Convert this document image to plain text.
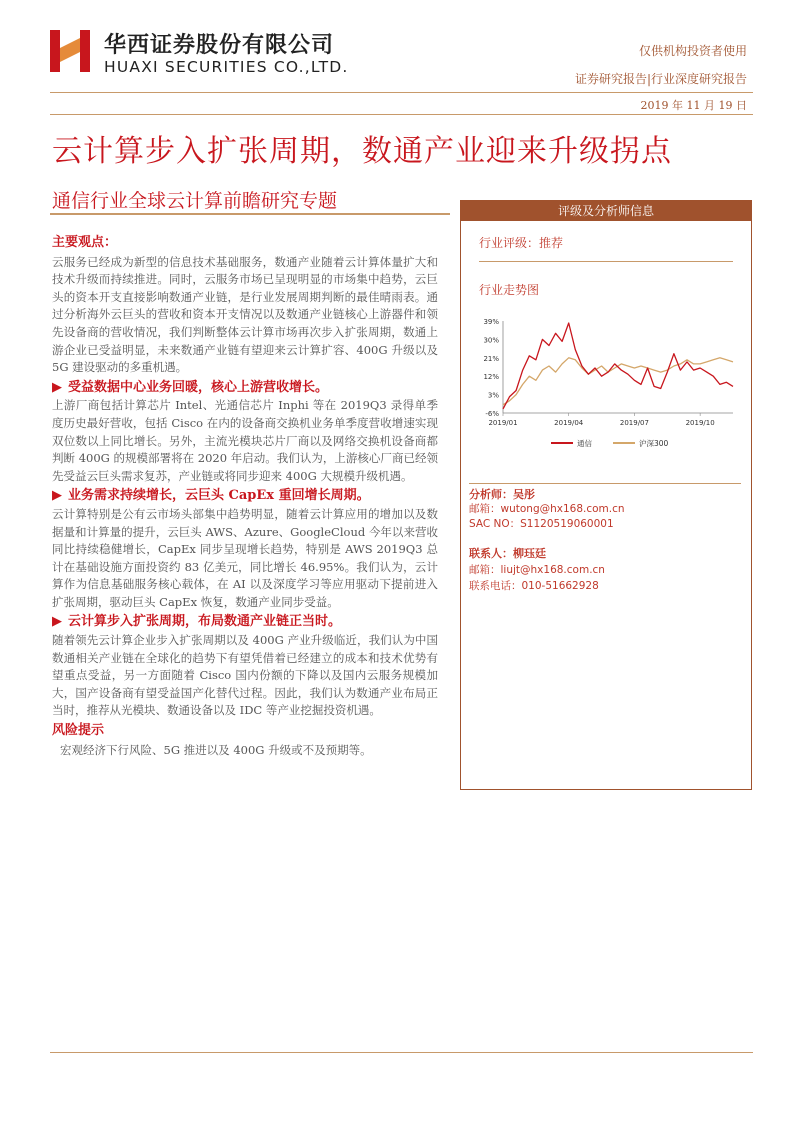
华西证券股份有限公司
HUAXI SECURITIES CO.,LTD.
仅供机构投资者使用
证券研究报告|行业深度研究报告
2019 年 11 月 19 日
云计算步入扩张周期，数通产业迎来升级拐点
通信行业全球云计算前瞻研究专题
主要观点：

云服务已经成为新型的信息技术基础服务，数通产业随着云计算体量扩大和技术升级而持续推进。同时，云服务市场已呈现明显的市场集中趋势，云巨头的资本开支直接影响数通产业链，是行业发展周期判断的最佳晴雨表。通过分析海外云巨头的营收和资本开支情况以及数通产业链核心上游器件和领先设备商的营收情况，我们判断整体云计算市场再次步入扩张周期，数通上游企业已受益明显，未来数通产业链有望迎来云计算扩容、400G 升级以及 5G 建设驱动的多重机遇。

▶ 受益数据中心业务回暖，核心上游营收增长。

上游厂商包括计算芯片 Intel、光通信芯片 Inphi 等在 2019Q3 录得单季度历史最好营收，包括 Cisco 在内的设备商交换机业务单季度营收增速实现双位数以上同比增长。另外，主流光模块芯片厂商以及网络交换机设备商都判断 400G 的规模部署将在 2020 年启动。我们认为，上游核心厂商已经领先受益云巨头需求复苏，产业链或将同步迎来 400G 大规模升级机遇。

▶ 业务需求持续增长，云巨头 CapEx 重回增长周期。

云计算特别是公有云市场头部集中趋势明显，随着云计算应用的增加以及数据量和计算量的提升，云巨头 AWS、Azure、GoogleCloud 今年以来营收同比持续稳健增长，CapEx 同步呈现增长趋势，特别是 AWS 2019Q3 总计在基础设施方面投资约 83 亿美元，同比增长 46.95%。我们认为，云计算作为信息基础服务核心载体，在 AI 以及深度学习等应用驱动下提前进入扩张周期，驱动巨头 CapEx 恢复，数通产业同步受益。

▶ 云计算步入扩张周期，布局数通产业链正当时。

随着领先云计算企业步入扩张周期以及 400G 产业升级临近，我们认为中国数通相关产业链在全球化的趋势下有望凭借着已经建立的成本和技术优势有望重点受益，另一方面随着 Cisco 国内份额的下降以及国内云服务规模加大，国产设备商有望受益国产化替代过程。因此，我们认为数通产业布局正当时，推荐从光模块、数通设备以及 IDC 等产业挖掘投资机遇。

风险提示

宏观经济下行风险、5G 推进以及 400G 升级或不及预期等。

评级及分析师信息
行业评级：推荐
行业走势图
39%
30%
21%
12%
3%
-6%
2019/01	2019/04	2019/07	2019/10
通信	沪深300
分析师：吴彤
邮箱：wutong@hx168.com.cn
SAC NO：S1120519060001
联系人：柳珏廷
邮箱：liujt@hx168.com.cn
联系电话：010-51662928
